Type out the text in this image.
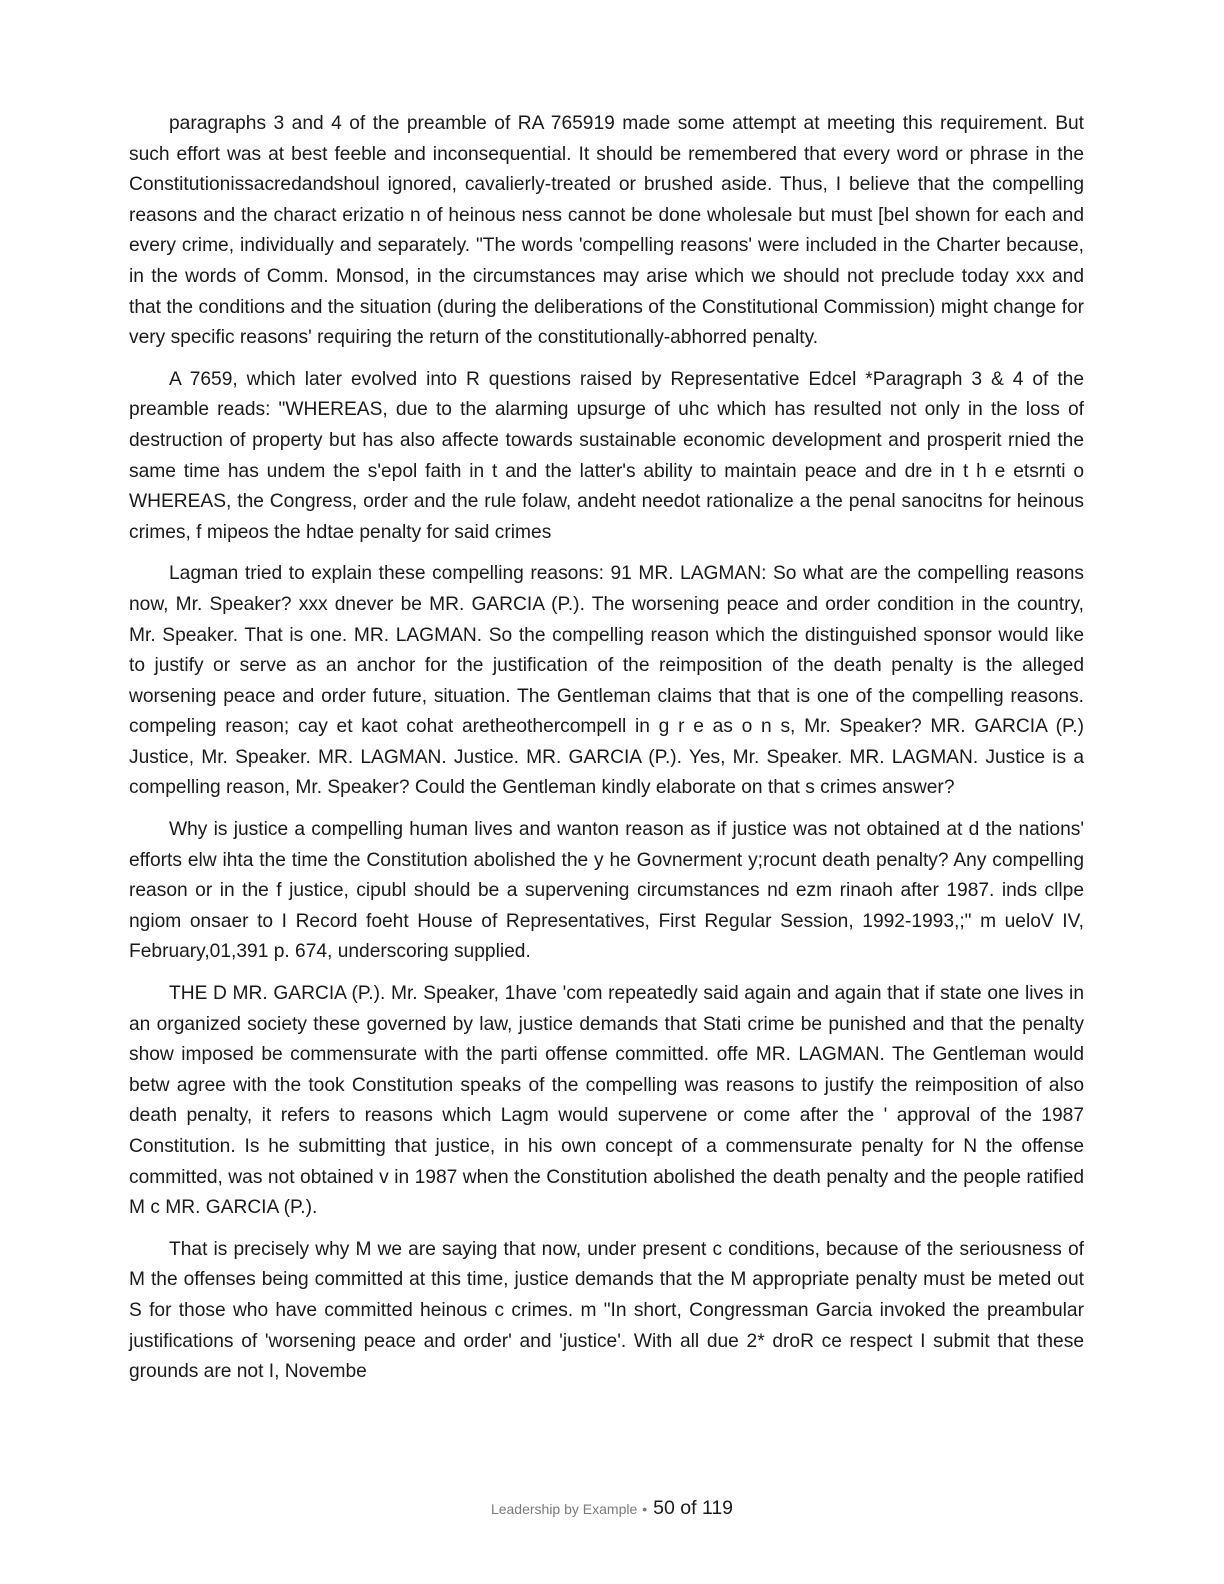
paragraphs 3 and 4 of the preamble of RA 765919 made some attempt at meeting this requirement. But such effort was at best feeble and inconsequential. It should be remembered that every word or phrase in the Constitutionissacredandshoul ignored, cavalierly-treated or brushed aside. Thus, I believe that the compelling reasons and the charact erizatio n of heinous ness cannot be done wholesale but must [bel shown for each and every crime, individually and separately. "The words 'compelling reasons' were included in the Charter because, in the words of Comm. Monsod, in the circumstances may arise which we should not preclude today xxx and that the conditions and the situation (during the deliberations of the Constitutional Commission) might change for very specific reasons' requiring the return of the constitutionally-abhorred penalty.

A 7659, which later evolved into R questions raised by Representative Edcel *Paragraph 3 & 4 of the preamble reads: "WHEREAS, due to the alarming upsurge of uhc which has resulted not only in the loss of destruction of property but has also affecte towards sustainable economic development and prosperit rnied the same time has undem the s'epol faith in t and the latter's ability to maintain peace and dre in t h e etsrnti o WHEREAS, the Congress, order and the rule folaw, andeht needot rationalize a the penal sanocitns for heinous crimes, f mipeos the hdtae penalty for said crimes

Lagman tried to explain these compelling reasons: 91 MR. LAGMAN: So what are the compelling reasons now, Mr. Speaker? xxx dnever be MR. GARCIA (P.). The worsening peace and order condition in the country, Mr. Speaker. That is one. MR. LAGMAN. So the compelling reason which the distinguished sponsor would like to justify or serve as an anchor for the justification of the reimposition of the death penalty is the alleged worsening peace and order future, situation. The Gentleman claims that that is one of the compelling reasons. compeling reason; cay et kaot cohat aretheothercompell in g r e as o n s, Mr. Speaker? MR. GARCIA (P.) Justice, Mr. Speaker. MR. LAGMAN. Justice. MR. GARCIA (P.). Yes, Mr. Speaker. MR. LAGMAN. Justice is a compelling reason, Mr. Speaker? Could the Gentleman kindly elaborate on that s crimes answer?

Why is justice a compelling human lives and wanton reason as if justice was not obtained at d the nations' efforts elw ihta the time the Constitution abolished the y he Govnerment y;rocunt death penalty? Any compelling reason or in the f justice, cipubl should be a supervening circumstances nd ezm rinaoh after 1987. inds cllpe ngiom onsaer to I Record foeht House of Representatives, First Regular Session, 1992-1993,;" m ueloV IV, February,01,391 p. 674, underscoring supplied.

THE D MR. GARCIA (P.). Mr. Speaker, 1have 'com repeatedly said again and again that if state one lives in an organized society these governed by law, justice demands that Stati crime be punished and that the penalty show imposed be commensurate with the parti offense committed. offe MR. LAGMAN. The Gentleman would betw agree with the took Constitution speaks of the compelling was reasons to justify the reimposition of also death penalty, it refers to reasons which Lagm would supervene or come after the ' approval of the 1987 Constitution. Is he submitting that justice, in his own concept of a commensurate penalty for N the offense committed, was not obtained v in 1987 when the Constitution abolished the death penalty and the people ratified M c MR. GARCIA (P.).

That is precisely why M we are saying that now, under present c conditions, because of the seriousness of M the offenses being committed at this time, justice demands that the M appropriate penalty must be meted out S for those who have committed heinous c crimes. m "In short, Congressman Garcia invoked the preambular justifications of 'worsening peace and order' and 'justice'. With all due 2* droR ce respect I submit that these grounds are not I, Novembe

Leadership by Example • 50 of 119
